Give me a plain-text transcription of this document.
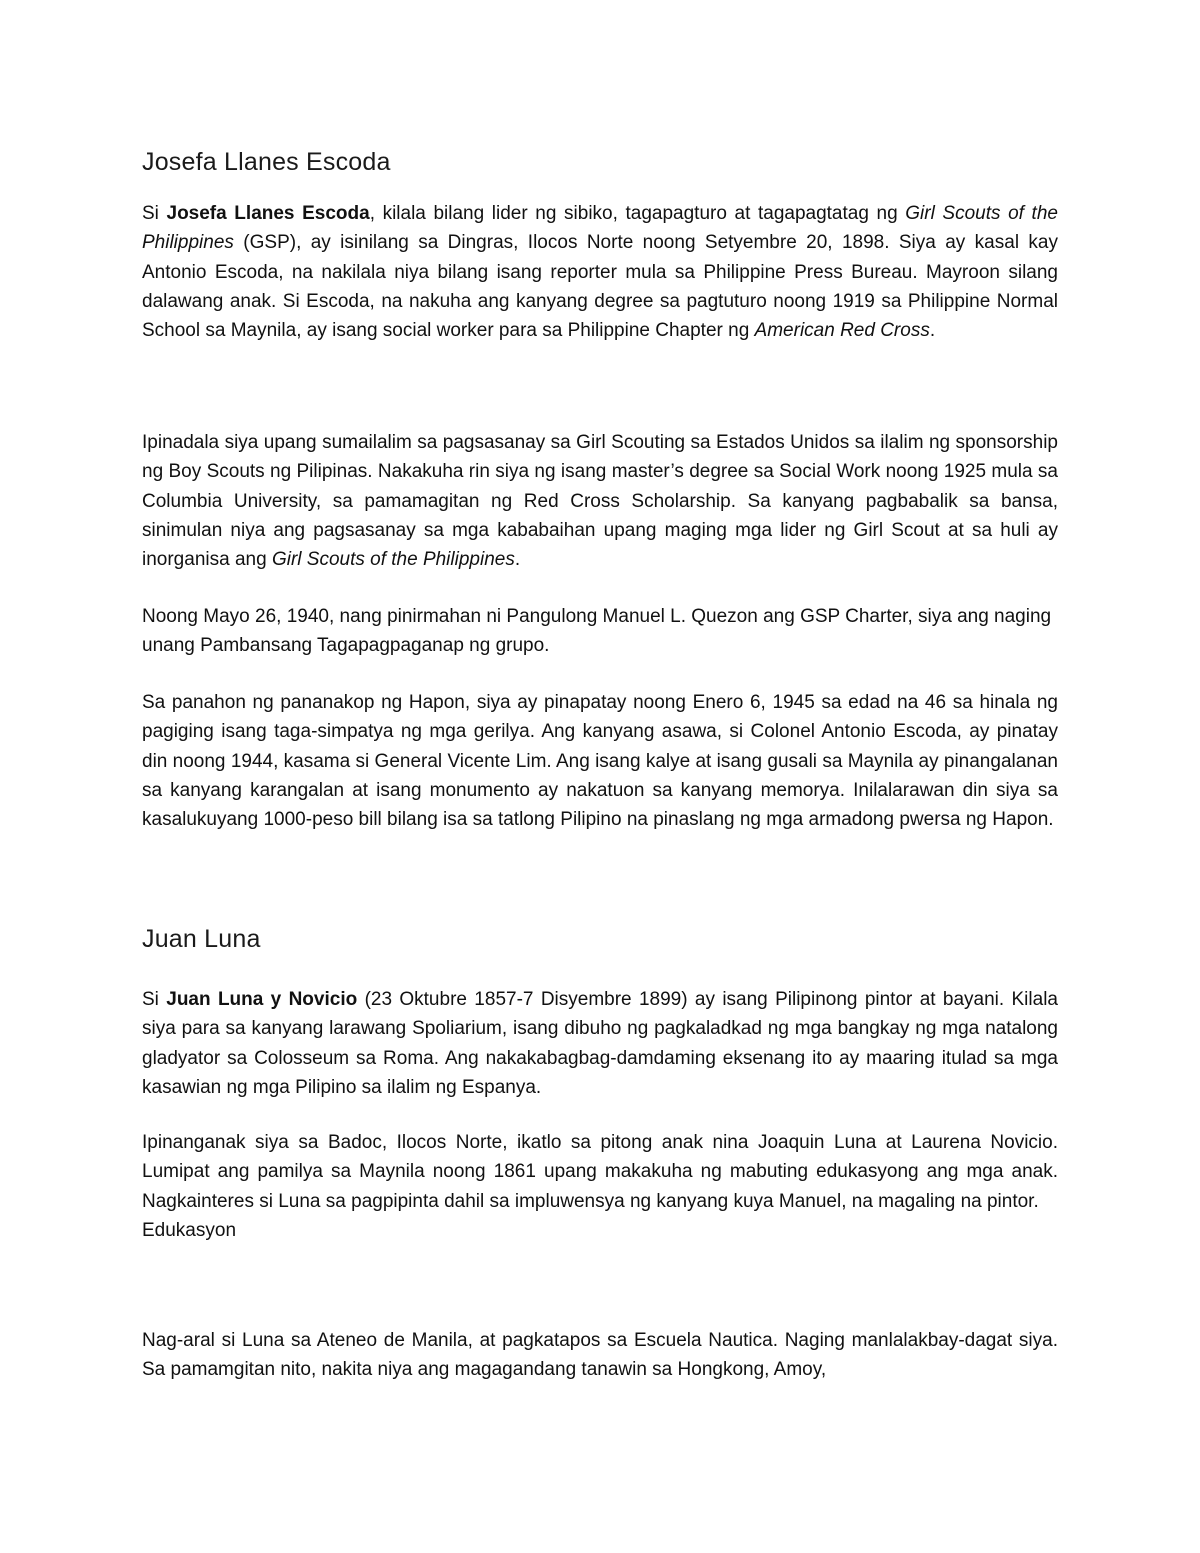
Josefa Llanes Escoda

Si Josefa Llanes Escoda, kilala bilang lider ng sibiko, tagapagturo at tagapagtatag ng Girl Scouts of the Philippines (GSP), ay isinilang sa Dingras, Ilocos Norte noong Setyembre 20, 1898. Siya ay kasal kay Antonio Escoda, na nakilala niya bilang isang reporter mula sa Philippine Press Bureau. Mayroon silang dalawang anak. Si Escoda, na nakuha ang kanyang degree sa pagtuturo noong 1919 sa Philippine Normal School sa Maynila, ay isang social worker para sa Philippine Chapter ng American Red Cross.

Ipinadala siya upang sumailalim sa pagsasanay sa Girl Scouting sa Estados Unidos sa ilalim ng sponsorship ng Boy Scouts ng Pilipinas. Nakakuha rin siya ng isang master’s degree sa Social Work noong 1925 mula sa Columbia University, sa pamamagitan ng Red Cross Scholarship. Sa kanyang pagbabalik sa bansa, sinimulan niya ang pagsasanay sa mga kababaihan upang maging mga lider ng Girl Scout at sa huli ay inorganisa ang Girl Scouts of the Philippines.

Noong Mayo 26, 1940, nang pinirmahan ni Pangulong Manuel L. Quezon ang GSP Charter, siya ang naging unang Pambansang Tagapagpaganap ng grupo.

Sa panahon ng pananakop ng Hapon, siya ay pinapatay noong Enero 6, 1945 sa edad na 46 sa hinala ng pagiging isang taga-simpatya ng mga gerilya. Ang kanyang asawa, si Colonel Antonio Escoda, ay pinatay din noong 1944, kasama si General Vicente Lim. Ang isang kalye at isang gusali sa Maynila ay pinangalanan sa kanyang karangalan at isang monumento ay nakatuon sa kanyang memorya. Inilalarawan din siya sa kasalukuyang 1000-peso bill bilang isa sa tatlong Pilipino na pinaslang ng mga armadong pwersa ng Hapon.

Juan Luna

Si Juan Luna y Novicio (23 Oktubre 1857-7 Disyembre 1899) ay isang Pilipinong pintor at bayani. Kilala siya para sa kanyang larawang Spoliarium, isang dibuho ng pagkaladkad ng mga bangkay ng mga natalong gladyator sa Colosseum sa Roma. Ang nakakabagbag-damdaming eksenang ito ay maaring itulad sa mga kasawian ng mga Pilipino sa ilalim ng Espanya.

Ipinanganak siya sa Badoc, Ilocos Norte, ikatlo sa pitong anak nina Joaquin Luna at Laurena Novicio. Lumipat ang pamilya sa Maynila noong 1861 upang makakuha ng mabuting edukasyong ang mga anak. Nagkainteres si Luna sa pagpipinta dahil sa impluwensya ng kanyang kuya Manuel, na magaling na pintor.

Edukasyon

Nag-aral si Luna sa Ateneo de Manila, at pagkatapos sa Escuela Nautica. Naging manlalakbay-dagat siya. Sa pamamgitan nito, nakita niya ang magagandang tanawin sa Hongkong, Amoy,
